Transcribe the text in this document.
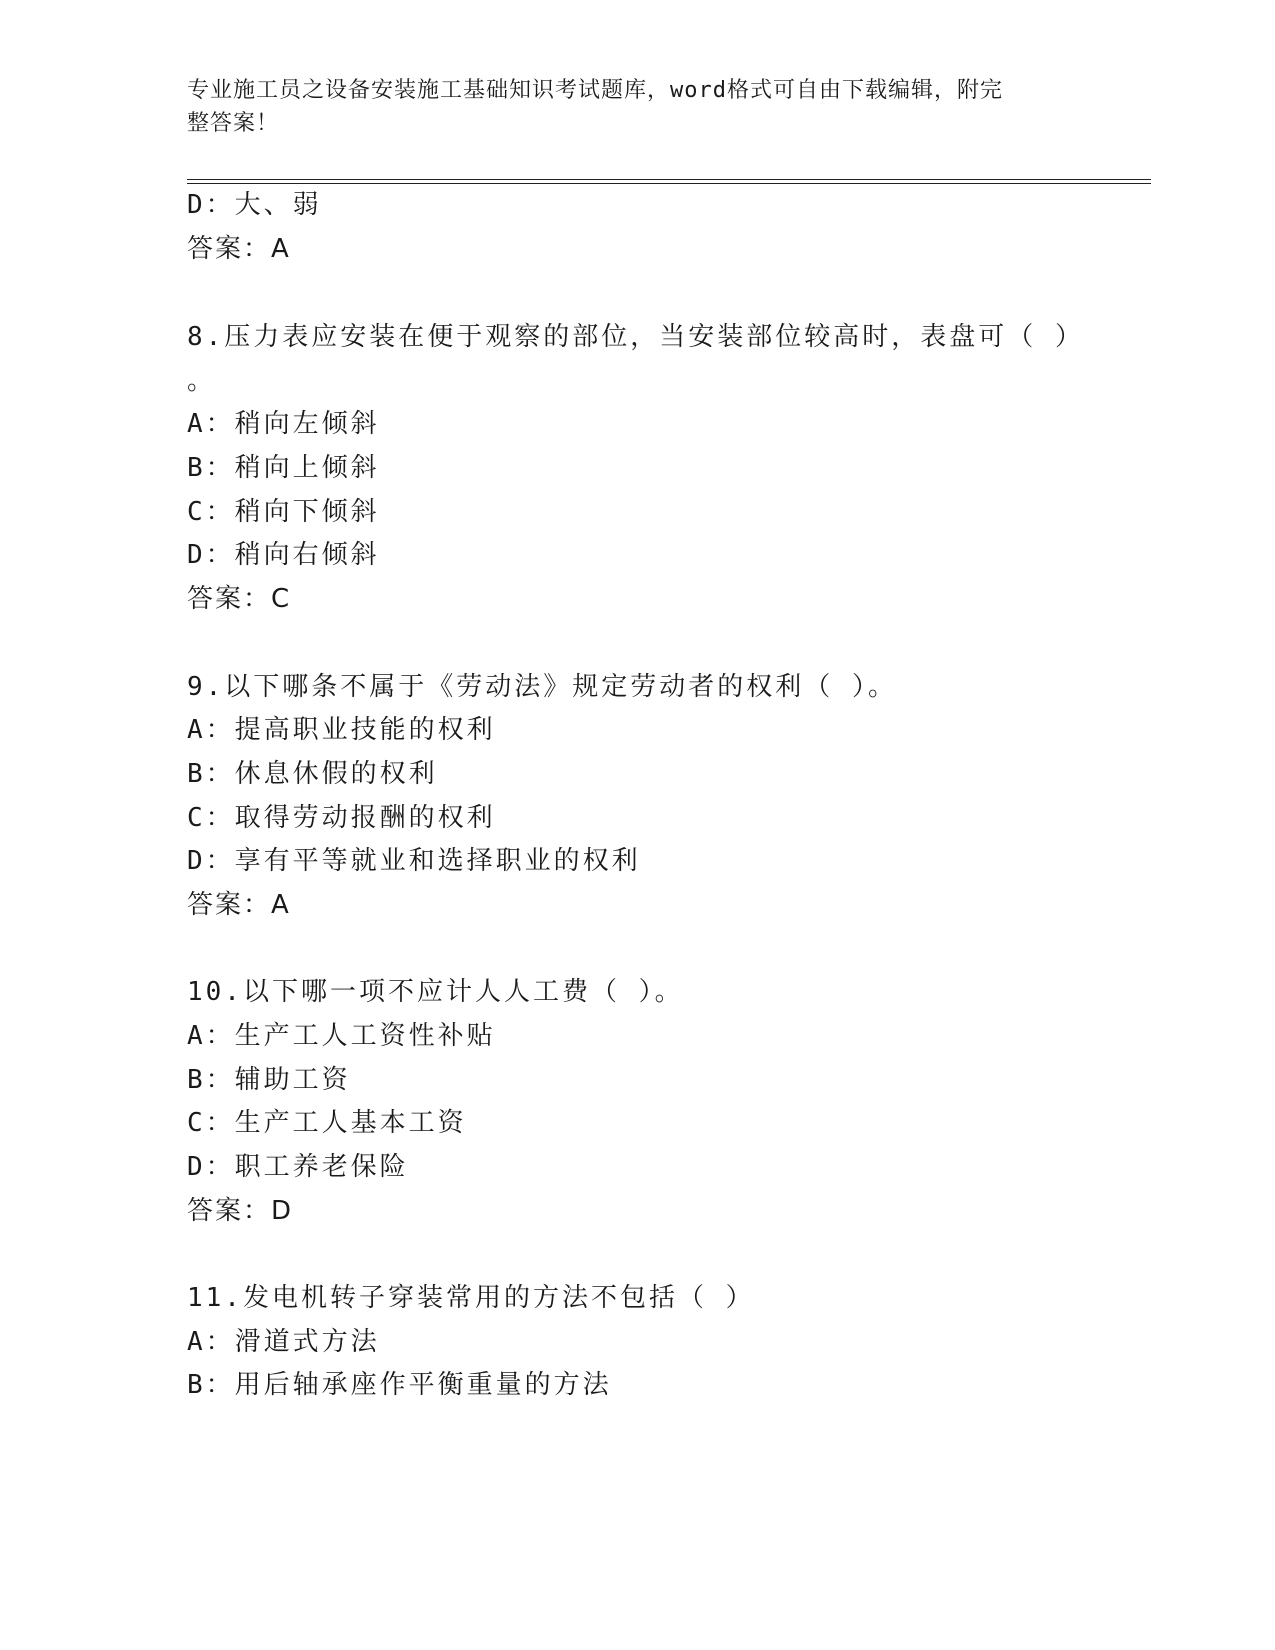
专业施工员之设备安装施工基础知识考试题库，word格式可自由下载编辑，附完
整答案！
D：大、弱
答案：A
8.压力表应安装在便于观察的部位，当安装部位较高时，表盘可（ ）
。
A：稍向左倾斜
B：稍向上倾斜
C：稍向下倾斜
D：稍向右倾斜
答案：C
9.以下哪条不属于《劳动法》规定劳动者的权利（ ）。
A：提高职业技能的权利
B：休息休假的权利
C：取得劳动报酬的权利
D：享有平等就业和选择职业的权利
答案：A
10.以下哪一项不应计人人工费（ ）。
A：生产工人工资性补贴
B：辅助工资
C：生产工人基本工资
D：职工养老保险
答案：D
11.发电机转子穿装常用的方法不包括（ ）
A：滑道式方法
B：用后轴承座作平衡重量的方法
